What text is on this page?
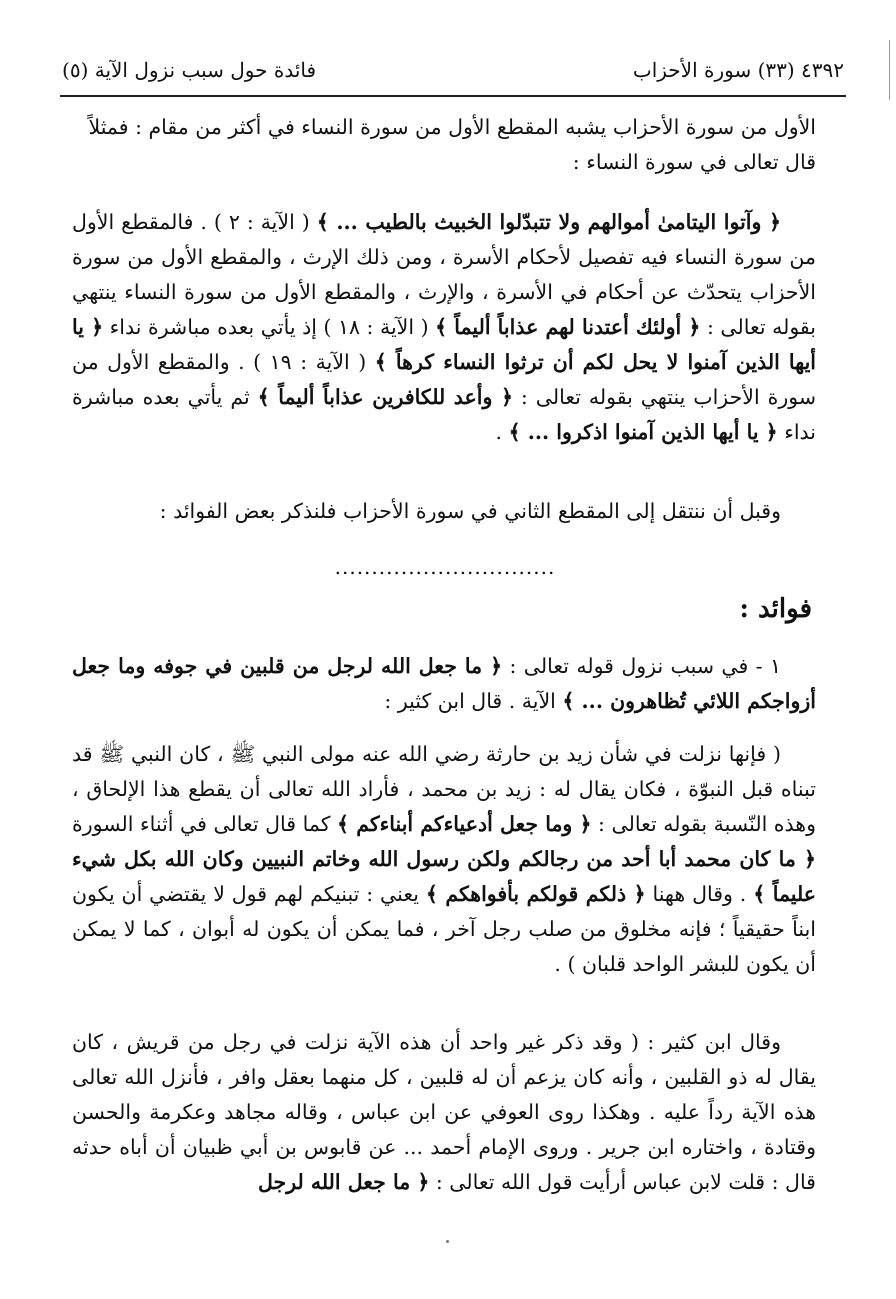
فائدة حول سبب نزول الآية (٥)	٤٣٩٢ (٣٣) سورة الأحزاب

الأول من سورة الأحزاب يشبه المقطع الأول من سورة النساء في أكثر من مقام : فمثلاً

قال تعالى في سورة النساء :

﴿ وآتوا اليتامىٰ أموالهم ولا تتبدّلوا الخبيث بالطيب ... ﴾ ( الآية : ٢ ) . فالمقطع الأول من سورة النساء فيه تفصيل لأحكام الأسرة ، ومن ذلك الإرث ، والمقطع الأول من سورة الأحزاب يتحدّث عن أحكام في الأسرة ، والإرث ، والمقطع الأول من سورة النساء ينتهي بقوله تعالى : ﴿ أولئك أعتدنا لهم عذاباً أليماً ﴾ ( الآية : ١٨ ) إذ يأتي بعده مباشرة نداء ﴿ يا أيها الذين آمنوا لا يحل لكم أن ترثوا النساء كرهاً ﴾ ( الآية : ١٩ ) . والمقطع الأول من سورة الأحزاب ينتهي بقوله تعالى : ﴿ وأعد للكافرين عذاباً أليماً ﴾ ثم يأتي بعده مباشرة نداء ﴿ يا أيها الذين آمنوا اذكروا ... ﴾ .

وقبل أن ننتقل إلى المقطع الثاني في سورة الأحزاب فلنذكر بعض الفوائد :

..............................
فوائد :

١ - في سبب نزول قوله تعالى : ﴿ ما جعل الله لرجل من قلبين في جوفه وما جعل أزواجكم اللائي تُظاهرون ... ﴾ الآية . قال ابن كثير :

( فإنها نزلت في شأن زيد بن حارثة رضي الله عنه مولى النبي ﷺ ، كان النبي ﷺ قد تبناه قبل النبوّة ، فكان يقال له : زيد بن محمد ، فأراد الله تعالى أن يقطع هذا الإلحاق ، وهذه النّسبة بقوله تعالى : ﴿ وما جعل أدعياءكم أبناءكم ﴾ كما قال تعالى في أثناء السورة ﴿ ما كان محمد أبا أحد من رجالكم ولكن رسول الله وخاتم النبيين وكان الله بكل شيء عليماً ﴾ . وقال ههنا ﴿ ذلكم قولكم بأفواهكم ﴾ يعني : تبنيكم لهم قول لا يقتضي أن يكون ابناً حقيقياً ؛ فإنه مخلوق من صلب رجل آخر ، فما يمكن أن يكون له أبوان ، كما لا يمكن أن يكون للبشر الواحد قلبان ) .

وقال ابن كثير : ( وقد ذكر غير واحد أن هذه الآية نزلت في رجل من قريش ، كان يقال له ذو القلبين ، وأنه كان يزعم أن له قلبين ، كل منهما بعقل وافر ، فأنزل الله تعالى هذه الآية رداً عليه . وهكذا روى العوفي عن ابن عباس ، وقاله مجاهد وعكرمة والحسن وقتادة ، واختاره ابن جرير . وروى الإمام أحمد ... عن قابوس بن أبي ظبيان أن أباه حدثه قال : قلت لابن عباس أرأيت قول الله تعالى : ﴿ ما جعل الله لرجل
